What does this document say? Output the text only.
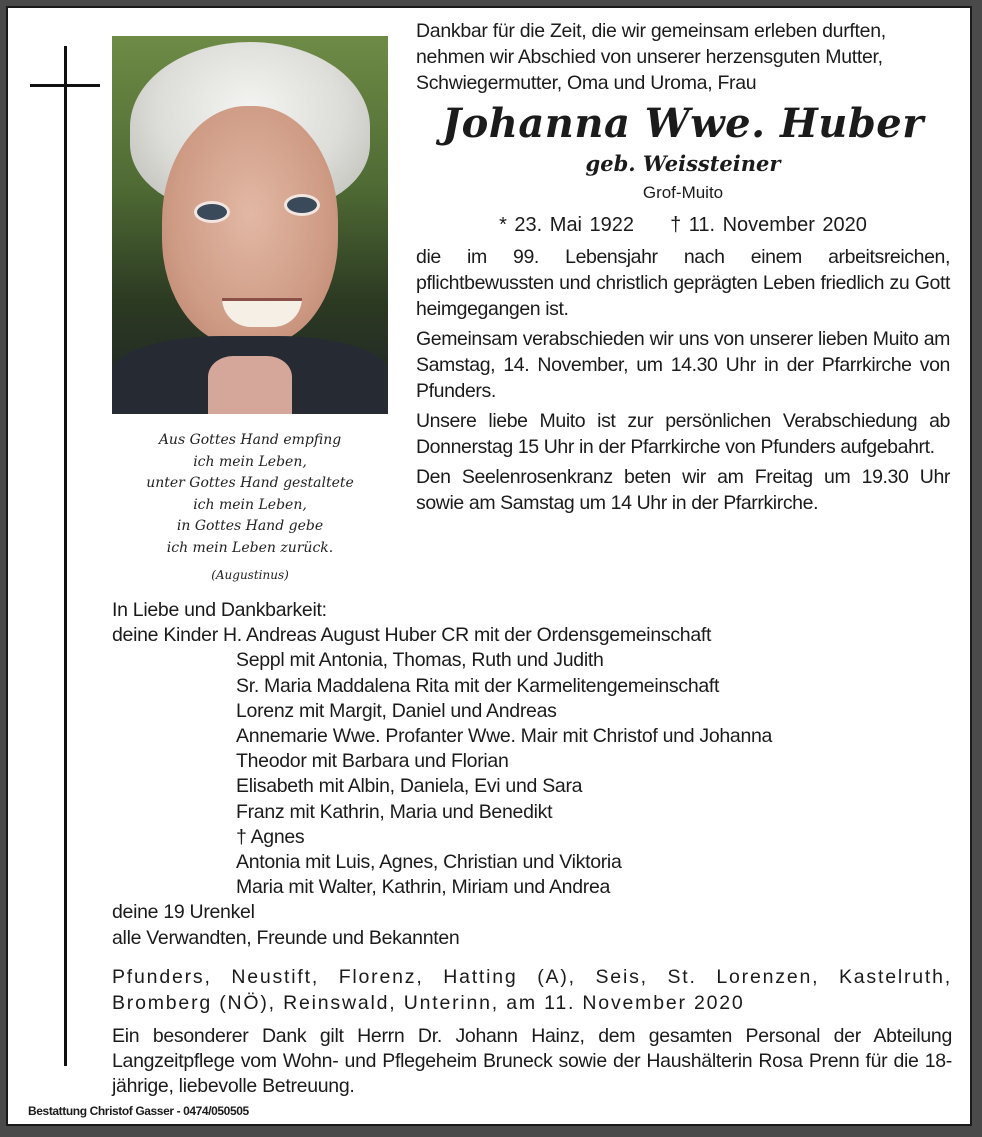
Aus Gottes Hand empfing
ich mein Leben,
unter Gottes Hand gestaltete
ich mein Leben,
in Gottes Hand gebe
ich mein Leben zurück.
(Augustinus)
Dankbar für die Zeit, die wir gemeinsam erleben durften, nehmen wir Abschied von unserer herzensguten Mutter, Schwiegermutter, Oma und Uroma, Frau
Johanna Wwe. Huber
geb. Weissteiner
Grof-Muito
* 23. Mai 1922 † 11. November 2020
die im 99. Lebensjahr nach einem arbeitsreichen, pflichtbewussten und christlich geprägten Leben friedlich zu Gott heimgegangen ist.
Gemeinsam verabschieden wir uns von unserer lieben Muito am Samstag, 14. November, um 14.30 Uhr in der Pfarrkirche von Pfunders.
Unsere liebe Muito ist zur persönlichen Verabschiedung ab Donnerstag 15 Uhr in der Pfarrkirche von Pfunders aufgebahrt.
Den Seelenrosenkranz beten wir am Freitag um 19.30 Uhr sowie am Samstag um 14 Uhr in der Pfarrkirche.
In Liebe und Dankbarkeit:
deine Kinder H. Andreas August Huber CR mit der Ordensgemeinschaft
Seppl mit Antonia, Thomas, Ruth und Judith
Sr. Maria Maddalena Rita mit der Karmelitengemeinschaft
Lorenz mit Margit, Daniel und Andreas
Annemarie Wwe. Profanter Wwe. Mair mit Christof und Johanna
Theodor mit Barbara und Florian
Elisabeth mit Albin, Daniela, Evi und Sara
Franz mit Kathrin, Maria und Benedikt
† Agnes
Antonia mit Luis, Agnes, Christian und Viktoria
Maria mit Walter, Kathrin, Miriam und Andrea
deine 19 Urenkel
alle Verwandten, Freunde und Bekannten
Pfunders, Neustift, Florenz, Hatting (A), Seis, St. Lorenzen, Kastelruth, Bromberg (NÖ), Reinswald, Unterinn, am 11. November 2020
Ein besonderer Dank gilt Herrn Dr. Johann Hainz, dem gesamten Personal der Abteilung Langzeitpflege vom Wohn- und Pflegeheim Bruneck sowie der Haushälterin Rosa Prenn für die 18-jährige, liebevolle Betreuung.
Bestattung Christof Gasser - 0474/050505
